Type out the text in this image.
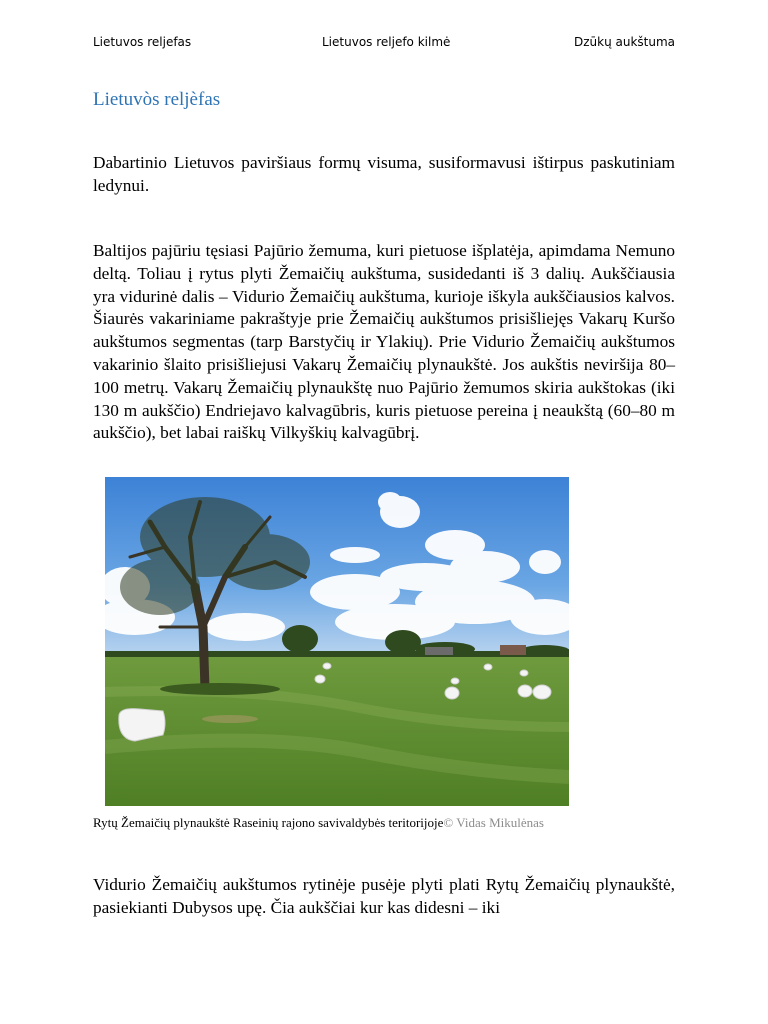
Lietuvos reljefas	Lietuvos reljefo kilmė	Dzūkų aukštuma
Lietuvòs reljèfas

Dabartinio Lietuvos paviršiaus formų visuma, susiformavusi ištirpus paskutiniam ledynui.

Baltijos pajūriu tęsiasi Pajūrio žemuma, kuri pietuose išplatėja, apimdama Nemuno deltą. Toliau į rytus plyti Žemaičių aukštuma, susidedanti iš 3 dalių. Aukščiausia yra vidurinė dalis – Vidurio Žemaičių aukštuma, kurioje iškyla aukščiausios kalvos. Šiaurės vakariniame pakraštyje prie Žemaičių aukštumos prisišliejęs Vakarų Kuršo aukštumos segmentas (tarp Barstyčių ir Ylakių). Prie Vidurio Žemaičių aukštumos vakarinio šlaito prisišliejusi Vakarų Žemaičių plynaukštė. Jos aukštis neviršija 80–100 metrų. Vakarų Žemaičių plynaukštę nuo Pajūrio žemumos skiria aukštokas (iki 130 m aukščio) Endriejavo kalvagūbris, kuris pietuose pereina į neaukštą (60–80 m aukščio), bet labai raiškų Vilkyškių kalvagūbrį.

Rytų Žemaičių plynaukštė Raseinių rajono savivaldybės teritorijoje© Vidas Mikulėnas

Vidurio Žemaičių aukštumos rytinėje pusėje plyti plati Rytų Žemaičių plynaukštė, pasiekianti Dubysos upę. Čia aukščiai kur kas didesni – iki
